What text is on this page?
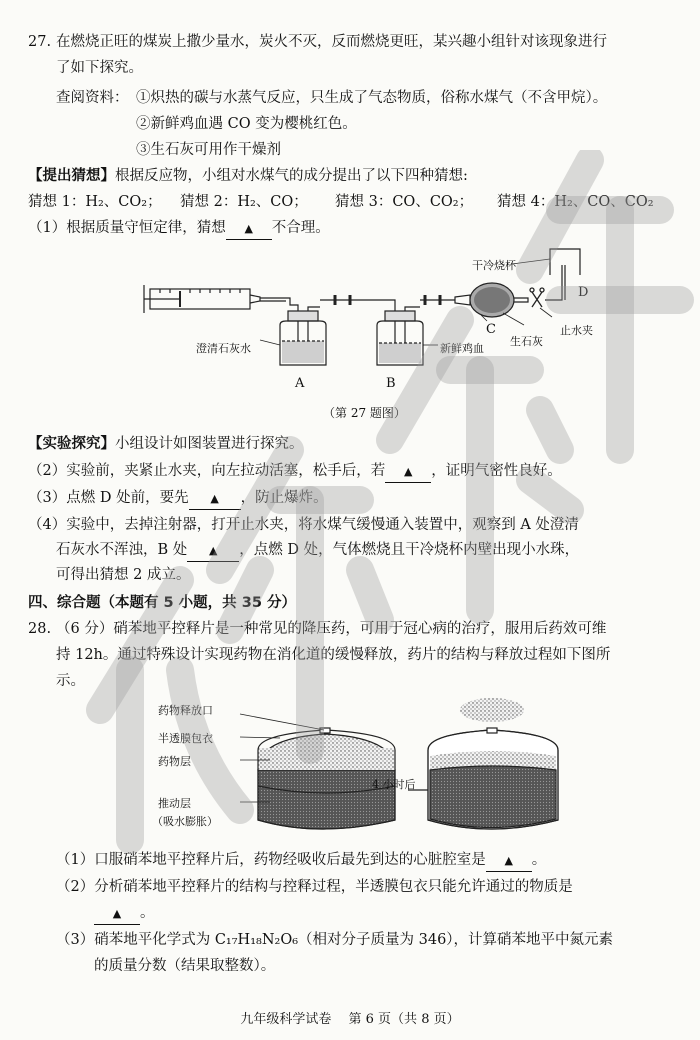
27. 在燃烧正旺的煤炭上撒少量水，炭火不灭，反而燃烧更旺，某兴趣小组针对该现象进行
了如下探究。
查阅资料： ①炽热的碳与水蒸气反应，只生成了气态物质，俗称水煤气（不含甲烷）。
②新鲜鸡血遇 CO 变为樱桃红色。
③生石灰可用作干燥剂
【提出猜想】根据反应物，小组对水煤气的成分提出了以下四种猜想:
猜想 1：H₂、CO₂； 猜想 2：H₂、CO； 猜想 3：CO、CO₂； 猜想 4：H₂、CO、CO₂
（1）根据质量守恒定律，猜想 ▲ 不合理。
干冷烧杯
D
C
生石灰
止水夹
澄清石灰水	新鲜鸡血
A	B
（第 27 题图）
【实验探究】小组设计如图装置进行探究。
（2）实验前，夹紧止水夹，向左拉动活塞，松手后，若 ▲ ，证明气密性良好。
（3）点燃 D 处前，要先 ▲ ，防止爆炸。
（4）实验中，去掉注射器，打开止水夹，将水煤气缓慢通入装置中，观察到 A 处澄清
石灰水不浑浊，B 处 ▲ ，点燃 D 处，气体燃烧且干冷烧杯内壁出现小水珠，
可得出猜想 2 成立。
四、综合题（本题有 5 小题，共 35 分）
28. （6 分）硝苯地平控释片是一种常见的降压药，可用于冠心病的治疗，服用后药效可维
持 12h。通过特殊设计实现药物在消化道的缓慢释放，药片的结构与释放过程如下图所
示。
药物释放口
半透膜包衣
药物层
推动层
（吸水膨胀）
4 小时后
（1）口服硝苯地平控释片后，药物经吸收后最先到达的心脏腔室是 ▲ 。
（2）分析硝苯地平控释片的结构与控释过程，半透膜包衣只能允许通过的物质是
▲ 。
（3）硝苯地平化学式为 C₁₇H₁₈N₂O₆（相对分子质量为 346），计算硝苯地平中氮元素
的质量分数（结果取整数）。
九年级科学试卷　 第 6 页（共 8 页）
